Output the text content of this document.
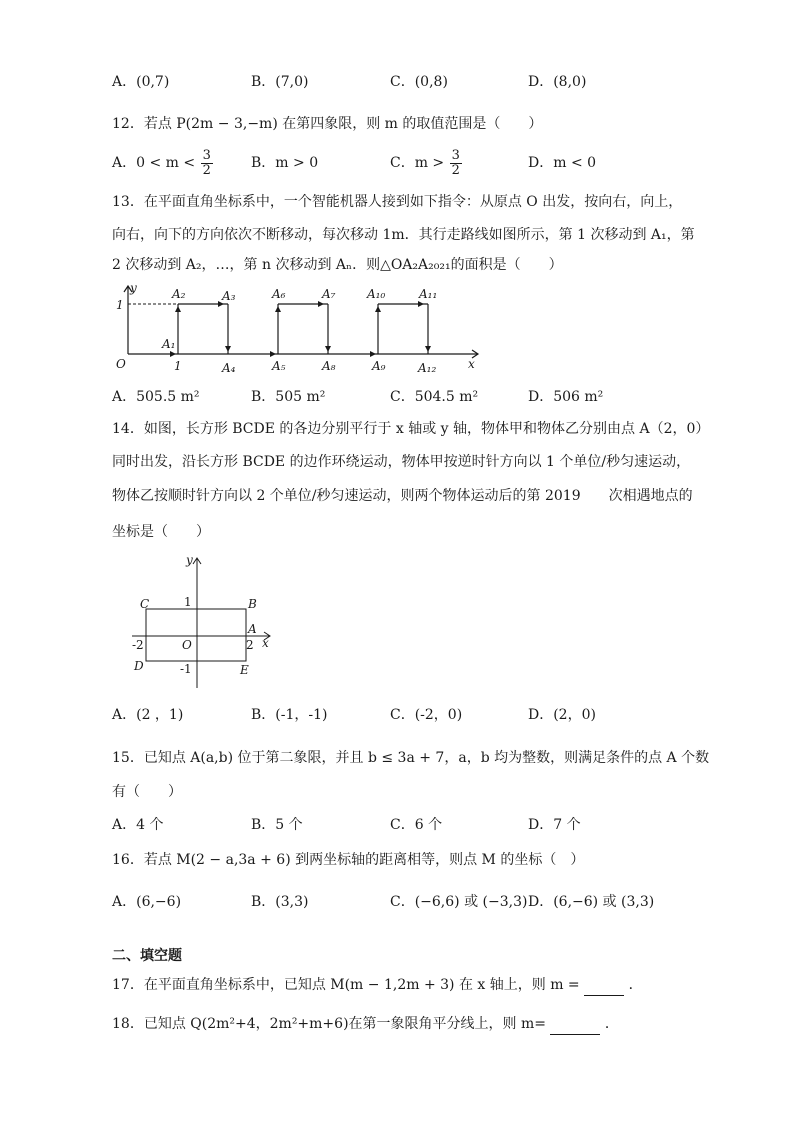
A．(0,7)	B．(7,0)	C．(0,8)	D．(8,0)
12．若点 P(2m − 3,−m) 在第四象限，则 m 的取值范围是（　　）
A．$0 < m < \frac{3}{2}$	B．m > 0	C．$m > \frac{3}{2}$	D．m < 0
13．在平面直角坐标系中，一个智能机器人接到如下指令：从原点 O 出发，按向右，向上，
向右，向下的方向依次不断移动，每次移动 1m．其行走路线如图所示，第 1 次移动到 A₁，第
2 次移动到 A₂，…，第 n 次移动到 Aₙ．则△OA₂A₂₀₂₁的面积是（　　）
y
1
O	1
A₁
A₂	A₃
A₄	A₅
A₆	A₇
A₈	A₉
A₁₀	A₁₁
A₁₂	x
A．505.5 m²	B．505 m²	C．504.5 m²	D．506 m²
14．如图，长方形 BCDE 的各边分别平行于 x 轴或 y 轴，物体甲和物体乙分别由点 A（2，0）
同时出发，沿长方形 BCDE 的边作环绕运动，物体甲按逆时针方向以 1 个单位/秒匀速运动，
物体乙按顺时针方向以 2 个单位/秒匀速运动，则两个物体运动后的第 2019　　次相遇地点的
坐标是（　　）
y
C	1	B
A
-2	O	2 x
D	-1	E
A．(2 ，1)	B．(-1，-1)	C．(-2，0)	D．(2，0)
15．已知点 A(a,b) 位于第二象限，并且 b ≤ 3a + 7，a，b 均为整数，则满足条件的点 A 个数
有（　　）
A．4 个	B．5 个	C．6 个	D．7 个
16．若点 M(2 − a,3a + 6) 到两坐标轴的距离相等，则点 M 的坐标（　）
A．(6,−6)	B．(3,3)	C．(−6,6) 或 (−3,3) D．(6,−6) 或 (3,3)
二、填空题
17．在平面直角坐标系中，已知点 M(m − 1,2m + 3) 在 x 轴上，则 m =	．
18．已知点 Q(2m²+4，2m²+m+6)在第一象限角平分线上，则 m=	．
